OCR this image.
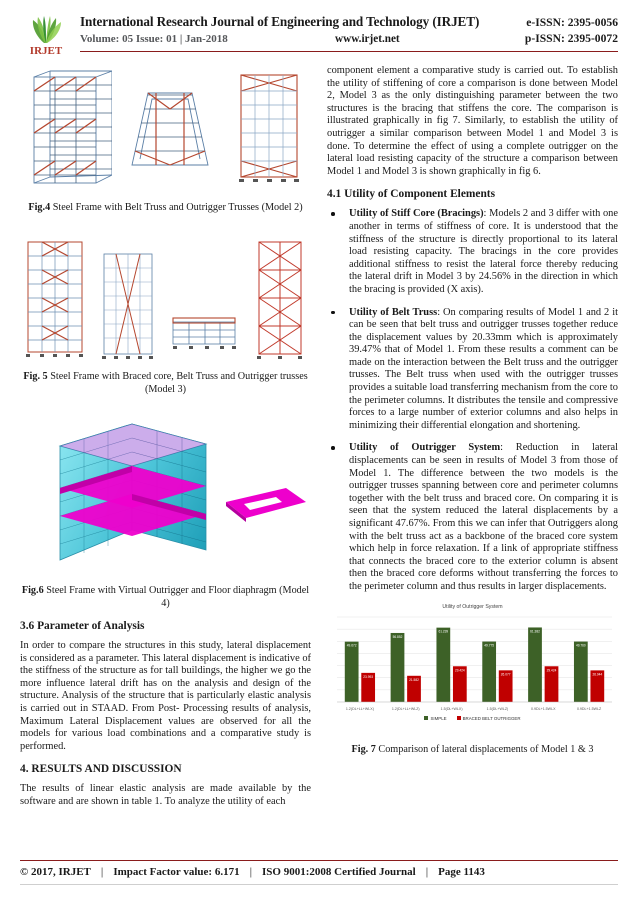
IRJET
International Research Journal of Engineering and Technology (IRJET)	e-ISSN: 2395-0056
Volume: 05 Issue: 01 | Jan-2018	www.irjet.net	p-ISSN: 2395-0072
Fig.4 Steel Frame with Belt Truss and Outrigger Trusses (Model 2)
Fig. 5 Steel Frame with Braced core, Belt Truss and Outrigger trusses (Model 3)
Fig.6 Steel Frame with Virtual Outrigger and Floor diaphragm (Model 4)
3.6 Parameter of Analysis

In order to compare the structures in this study, lateral displacement is considered as a parameter. This lateral displacement is indicative of the stiffness of the structure as for tall buildings, the higher we go the more influence lateral drift has on the analysis and design of the structure. Analysis of the structure that is particularly elastic analysis is carried out in STAAD. From Post- Processing results of analysis, Maximum Lateral Displacement values are observed for all the models for various load combinations and a comparative study is performed.

4. RESULTS AND DISCUSSION

The results of linear elastic analysis are made available by the software and are shown in table 1. To analyze the utility of each

component element a comparative study is carried out. To establish the utility of stiffening of core a comparison is done between Model 2, Model 3 as the only distinguishing parameter between the two structures is the bracing that stiffens the core. The comparison is illustrated graphically in fig 7. Similarly, to establish the utility of outrigger a similar comparison between Model 1 and Model 3 is done. To determine the effect of using a complete outrigger on the lateral load resisting capacity of the structure a comparison between Model 1 and Model 3 is shown graphically in fig 6.

4.1 Utility of Component Elements
Utility of Stiff Core (Bracings): Models 2 and 3 differ with one another in terms of stiffness of core. It is understood that the stiffness of the structure is directly proportional to its lateral load resisting capacity. The bracings in the core provides additional stiffness to resist the lateral force thereby reducing the lateral drift in Model 3 by 24.56% in the direction in which the bracing is provided (X axis).
Utility of Belt Truss: On comparing results of Model 1 and 2 it can be seen that belt truss and outrigger trusses together reduce the displacement values by 20.33mm which is approximately 39.47% that of Model 1. From these results a comment can be made on the interaction between the Belt truss and the outrigger trusses. The Belt truss when used with the outrigger trusses provides a suitable load transferring mechanism from the core to the perimeter columns. It distributes the tensile and compressive forces to a large number of exterior columns and also helps in minimizing their differential elongation and shortening.
Utility of Outrigger System: Reduction in lateral displacements can be seen in results of Model 3 from those of Model 1. The difference between the two models is the outrigger trusses spanning between core and perimeter columns together with the belt truss and braced core. On comparing it is seen that the system reduced the lateral displacements by a significant 47.67%. From this we can infer that Outriggers along with the belt truss act as a backbone of the braced core system which help in force relaxation. If a link of appropriate stiffness that connects the braced core to the exterior column is absent then the braced core deforms without transferring the forces to the perimeter column and thus results in larger displacements.
Utility of Outrigger System
49.672
23.993
1.2(DL+LL+WLX)
56.852
21.582
1.2(DL+LL+WLZ)
61.239
29.424
1.5(DL+WLX)
49.775
26.077
1.5(DL+WLZ)
61.382
29.424
0.9DL+1.5WLX
49.760
26.044
0.9DL+1.5WLZ
SIMPLE	BRACED BELT OUTRIGGER
Fig. 7 Comparison of lateral displacements of Model 1 & 3
© 2017, IRJET | Impact Factor value: 6.171 | ISO 9001:2008 Certified Journal | Page 1143
